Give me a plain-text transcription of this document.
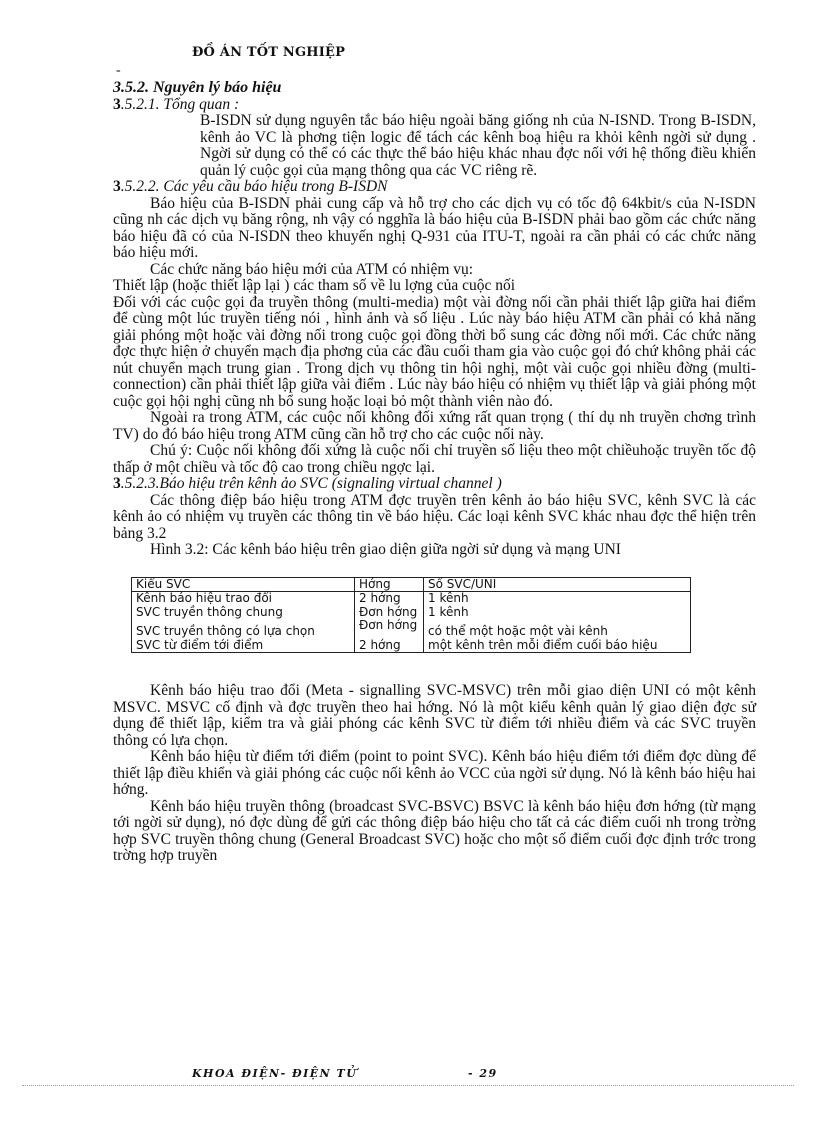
ĐỒ ÁN TỐT NGHIỆP
-

3.5.2. Nguyên lý báo hiệu

3.5.2.1. Tổng quan :

B-ISDN sử dụng nguyên tắc báo hiệu ngoài băng giống nh của N-ISND. Trong B-ISDN, kênh ảo VC là phơng tiện logic để tách các kênh boạ hiệu ra khỏi kênh ngời sử dụng . Ngời sử dụng có thể có các thực thể báo hiệu khác nhau đợc nối với hệ thống điều khiển quản lý cuộc gọi của mạng thông qua các VC riêng rẽ.

3.5.2.2. Các yêu cầu báo hiệu trong B-ISDN

Báo hiệu của B-ISDN phải cung cấp và hỗ trợ cho các dịch vụ có tốc độ 64kbit/s của N-ISDN cũng nh các dịch vụ băng rộng, nh vậy có ngghĩa là báo hiệu của B-ISDN phải bao gồm các chức năng báo hiệu đã có của N-ISDN theo khuyến nghị Q-931 của ITU-T, ngoài ra cần phải có các chức năng báo hiệu mới.

Các chức năng báo hiệu mới của ATM có nhiệm vụ:

Thiết lập (hoặc thiết lập lại ) các tham số về lu lợng của cuộc nối

Đối với các cuộc gọi đa truyền thông (multi-media) một vài đờng nối cần phải thiết lập giữa hai điểm để cùng một lúc truyền tiếng nói , hình ảnh và số liệu . Lúc này báo hiệu ATM cần phải có khả năng giải phóng một hoặc vài đờng nối trong cuộc gọi đồng thời bổ sung các đờng nối mới. Các chức năng đợc thực hiện ở chuyển mạch địa phơng của các đầu cuối tham gia vào cuộc gọi đó chứ không phải các nút chuyển mạch trung gian . Trong dịch vụ thông tin hội nghị, một vài cuộc gọi nhiều đờng (multi-connection) cần phải thiết lập giữa vài điểm . Lúc này báo hiệu có nhiệm vụ thiết lập và giải phóng một cuộc gọi hội nghị cũng nh bổ sung hoặc loại bỏ một thành viên nào đó.

Ngoài ra trong ATM, các cuộc nối không đối xứng rất quan trọng ( thí dụ nh truyền chơng trình TV) do đó báo hiệu trong ATM cũng cần hỗ trợ cho các cuộc nối này.

Chú ý: Cuộc nối không đối xứng là cuộc nối chỉ truyền số liệu theo một chiềuhoặc truyền tốc độ thấp ở một chiều và tốc độ cao trong chiều ngợc lại.

3.5.2.3.Báo hiệu trên kênh ảo SVC (signaling virtual channel )

Các thông điệp báo hiệu trong ATM đợc truyền trên kênh ảo báo hiệu SVC, kênh SVC là các kênh ảo có nhiệm vụ truyền các thông tin về báo hiệu. Các loại kênh SVC khác nhau đợc thể hiện trên bảng 3.2

Hình 3.2: Các kênh báo hiệu trên giao diện giữa ngời sử dụng và mạng UNI

Kiểu SVC	Hớng	Số SVC/UNI
Kênh báo hiệu trao đổi	2 hớng	1 kênh
SVC truyền thông chung	Đơn hớng	1 kênh
SVC truyền thông có lựa chọn	Đơn hớng	có thể một hoặc một vài kênh
SVC từ điểm tới điểm	2 hớng	một kênh trên mỗi điểm cuối báo hiệu

Kênh báo hiệu trao đổi (Meta - signalling SVC-MSVC) trên mỗi giao diện UNI có một kênh MSVC. MSVC cố định và đợc truyền theo hai hớng. Nó là một kiểu kênh quản lý giao diện đợc sử dụng để thiết lập, kiểm tra và giải phóng các kênh SVC từ điểm tới nhiều điểm và các SVC truyền thông có lựa chọn.

Kênh báo hiệu từ điểm tới điểm (point to point SVC). Kênh báo hiệu điểm tới điểm đợc dùng để thiết lập điều khiển và giải phóng các cuộc nối kênh ảo VCC của ngời sử dụng. Nó là kênh báo hiệu hai hớng.

Kênh báo hiệu truyền thông (broadcast SVC-BSVC) BSVC là kênh báo hiệu đơn hớng (từ mạng tới ngời sử dụng), nó đợc dùng để gửi các thông điệp báo hiệu cho tất cả các điểm cuối nh trong trờng hợp SVC truyền thông chung (General Broadcast SVC) hoặc cho một số điểm cuối đợc định trớc trong trờng hợp truyền

KHOA ĐIỆN- ĐIỆN TỬ	- 29
